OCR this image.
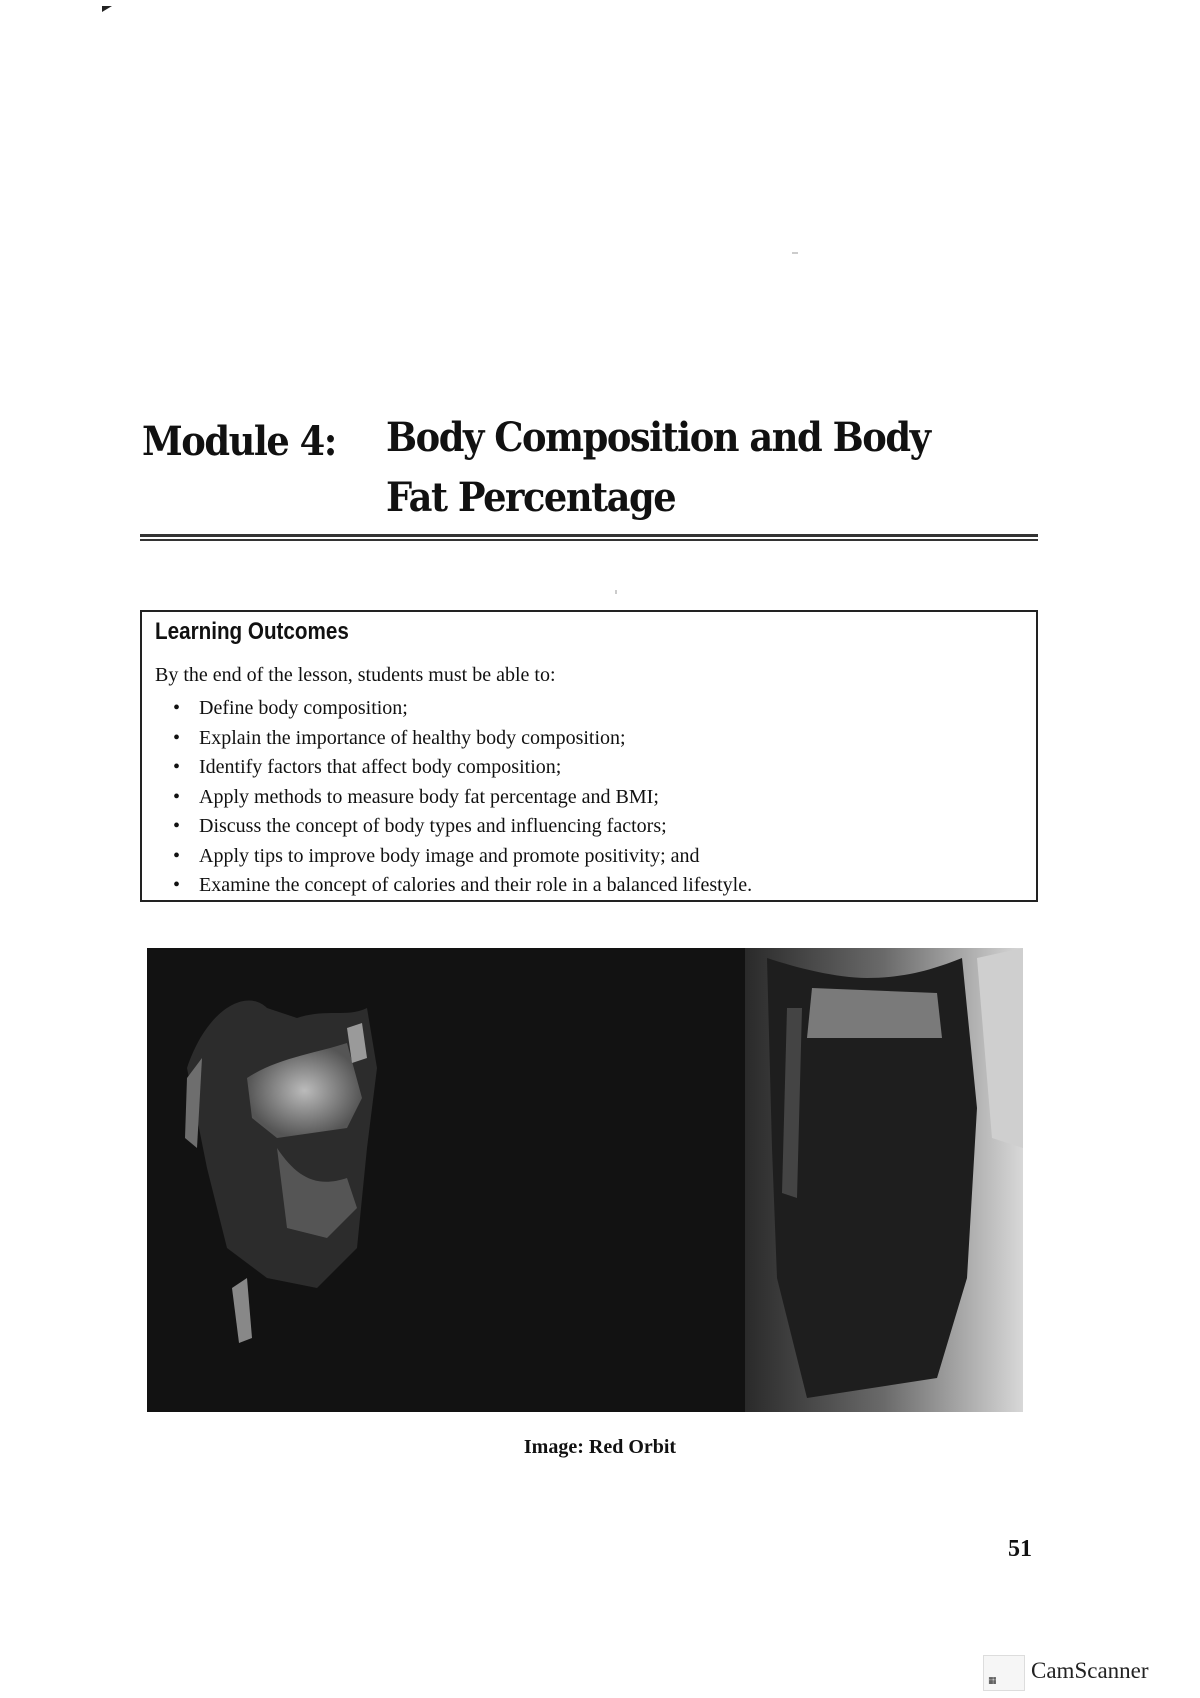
Module 4: Body Composition and Body Fat Percentage
Learning Outcomes
By the end of the lesson, students must be able to:
• Define body composition;
• Explain the importance of healthy body composition;
• Identify factors that affect body composition;
• Apply methods to measure body fat percentage and BMI;
• Discuss the concept of body types and influencing factors;
• Apply tips to improve body image and promote positivity; and
• Examine the concept of calories and their role in a balanced lifestyle.
Image: Red Orbit
51
▦ CamScanner
